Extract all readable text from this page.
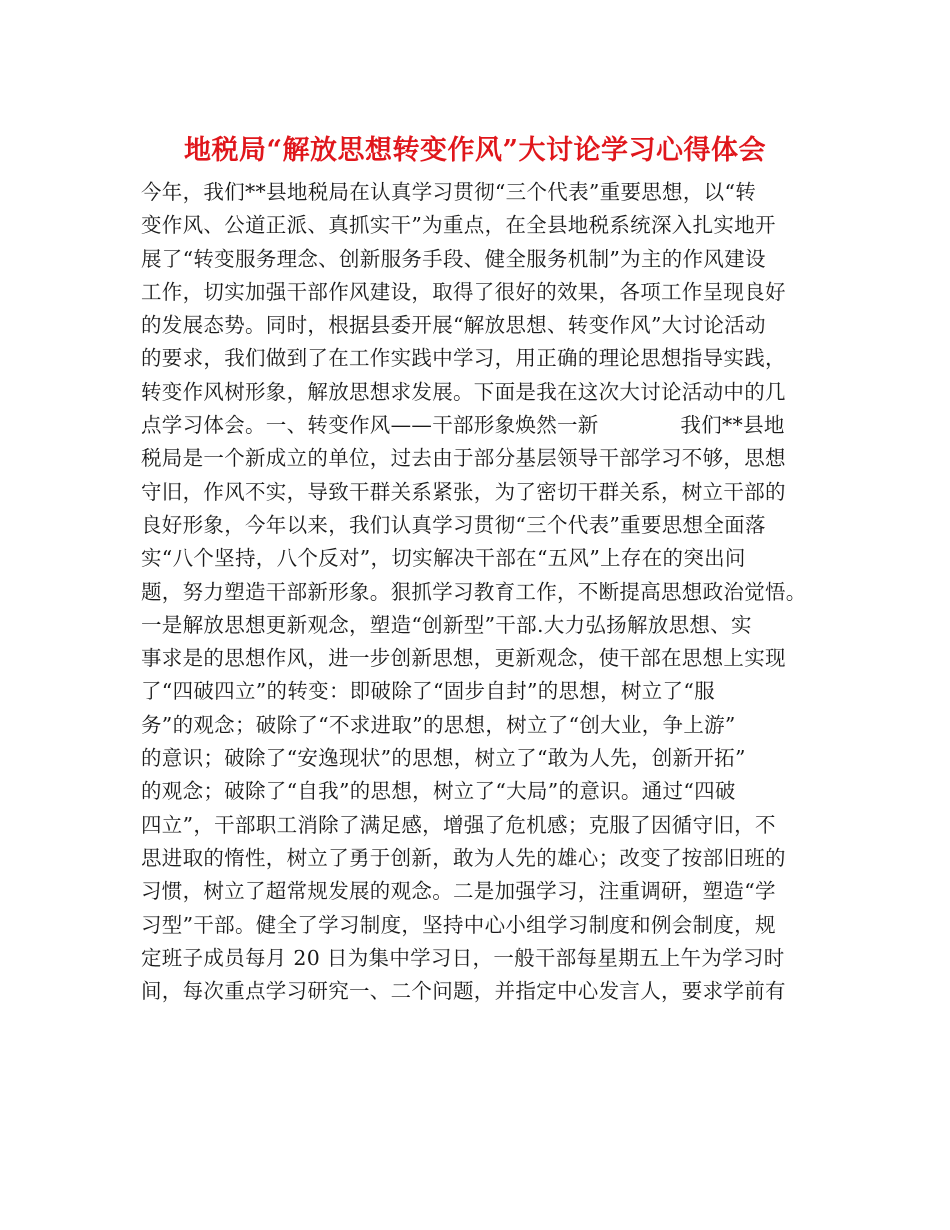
地税局“解放思想转变作风”大讨论学习心得体会
今年，我们**县地税局在认真学习贯彻“三个代表”重要思想，以“转
变作风、公道正派、真抓实干”为重点，在全县地税系统深入扎实地开
展了“转变服务理念、创新服务手段、健全服务机制”为主的作风建设
工作，切实加强干部作风建设，取得了很好的效果，各项工作呈现良好
的发展态势。同时，根据县委开展“解放思想、转变作风”大讨论活动
的要求，我们做到了在工作实践中学习，用正确的理论思想指导实践，
转变作风树形象，解放思想求发展。下面是我在这次大讨论活动中的几
点学习体会。一、转变作风——干部形象焕然一新            我们**县地
税局是一个新成立的单位，过去由于部分基层领导干部学习不够，思想
守旧，作风不实，导致干群关系紧张，为了密切干群关系，树立干部的
良好形象，今年以来，我们认真学习贯彻“三个代表”重要思想全面落
实“八个坚持，八个反对”，切实解决干部在“五风”上存在的突出问
题，努力塑造干部新形象。狠抓学习教育工作，不断提高思想政治觉悟。
一是解放思想更新观念，塑造“创新型”干部.大力弘扬解放思想、实
事求是的思想作风，进一步创新思想，更新观念，使干部在思想上实现
了“四破四立”的转变：即破除了“固步自封”的思想，树立了“服
务”的观念；破除了“不求进取”的思想，树立了“创大业，争上游”
的意识；破除了“安逸现状”的思想，树立了“敢为人先，创新开拓”
的观念；破除了“自我”的思想，树立了“大局”的意识。通过“四破
四立”，干部职工消除了满足感，增强了危机感；克服了因循守旧，不
思进取的惰性，树立了勇于创新，敢为人先的雄心；改变了按部旧班的
习惯，树立了超常规发展的观念。二是加强学习，注重调研，塑造“学
习型”干部。健全了学习制度，坚持中心小组学习制度和例会制度，规
定班子成员每月 20 日为集中学习日，一般干部每星期五上午为学习时
间，每次重点学习研究一、二个问题，并指定中心发言人，要求学前有
